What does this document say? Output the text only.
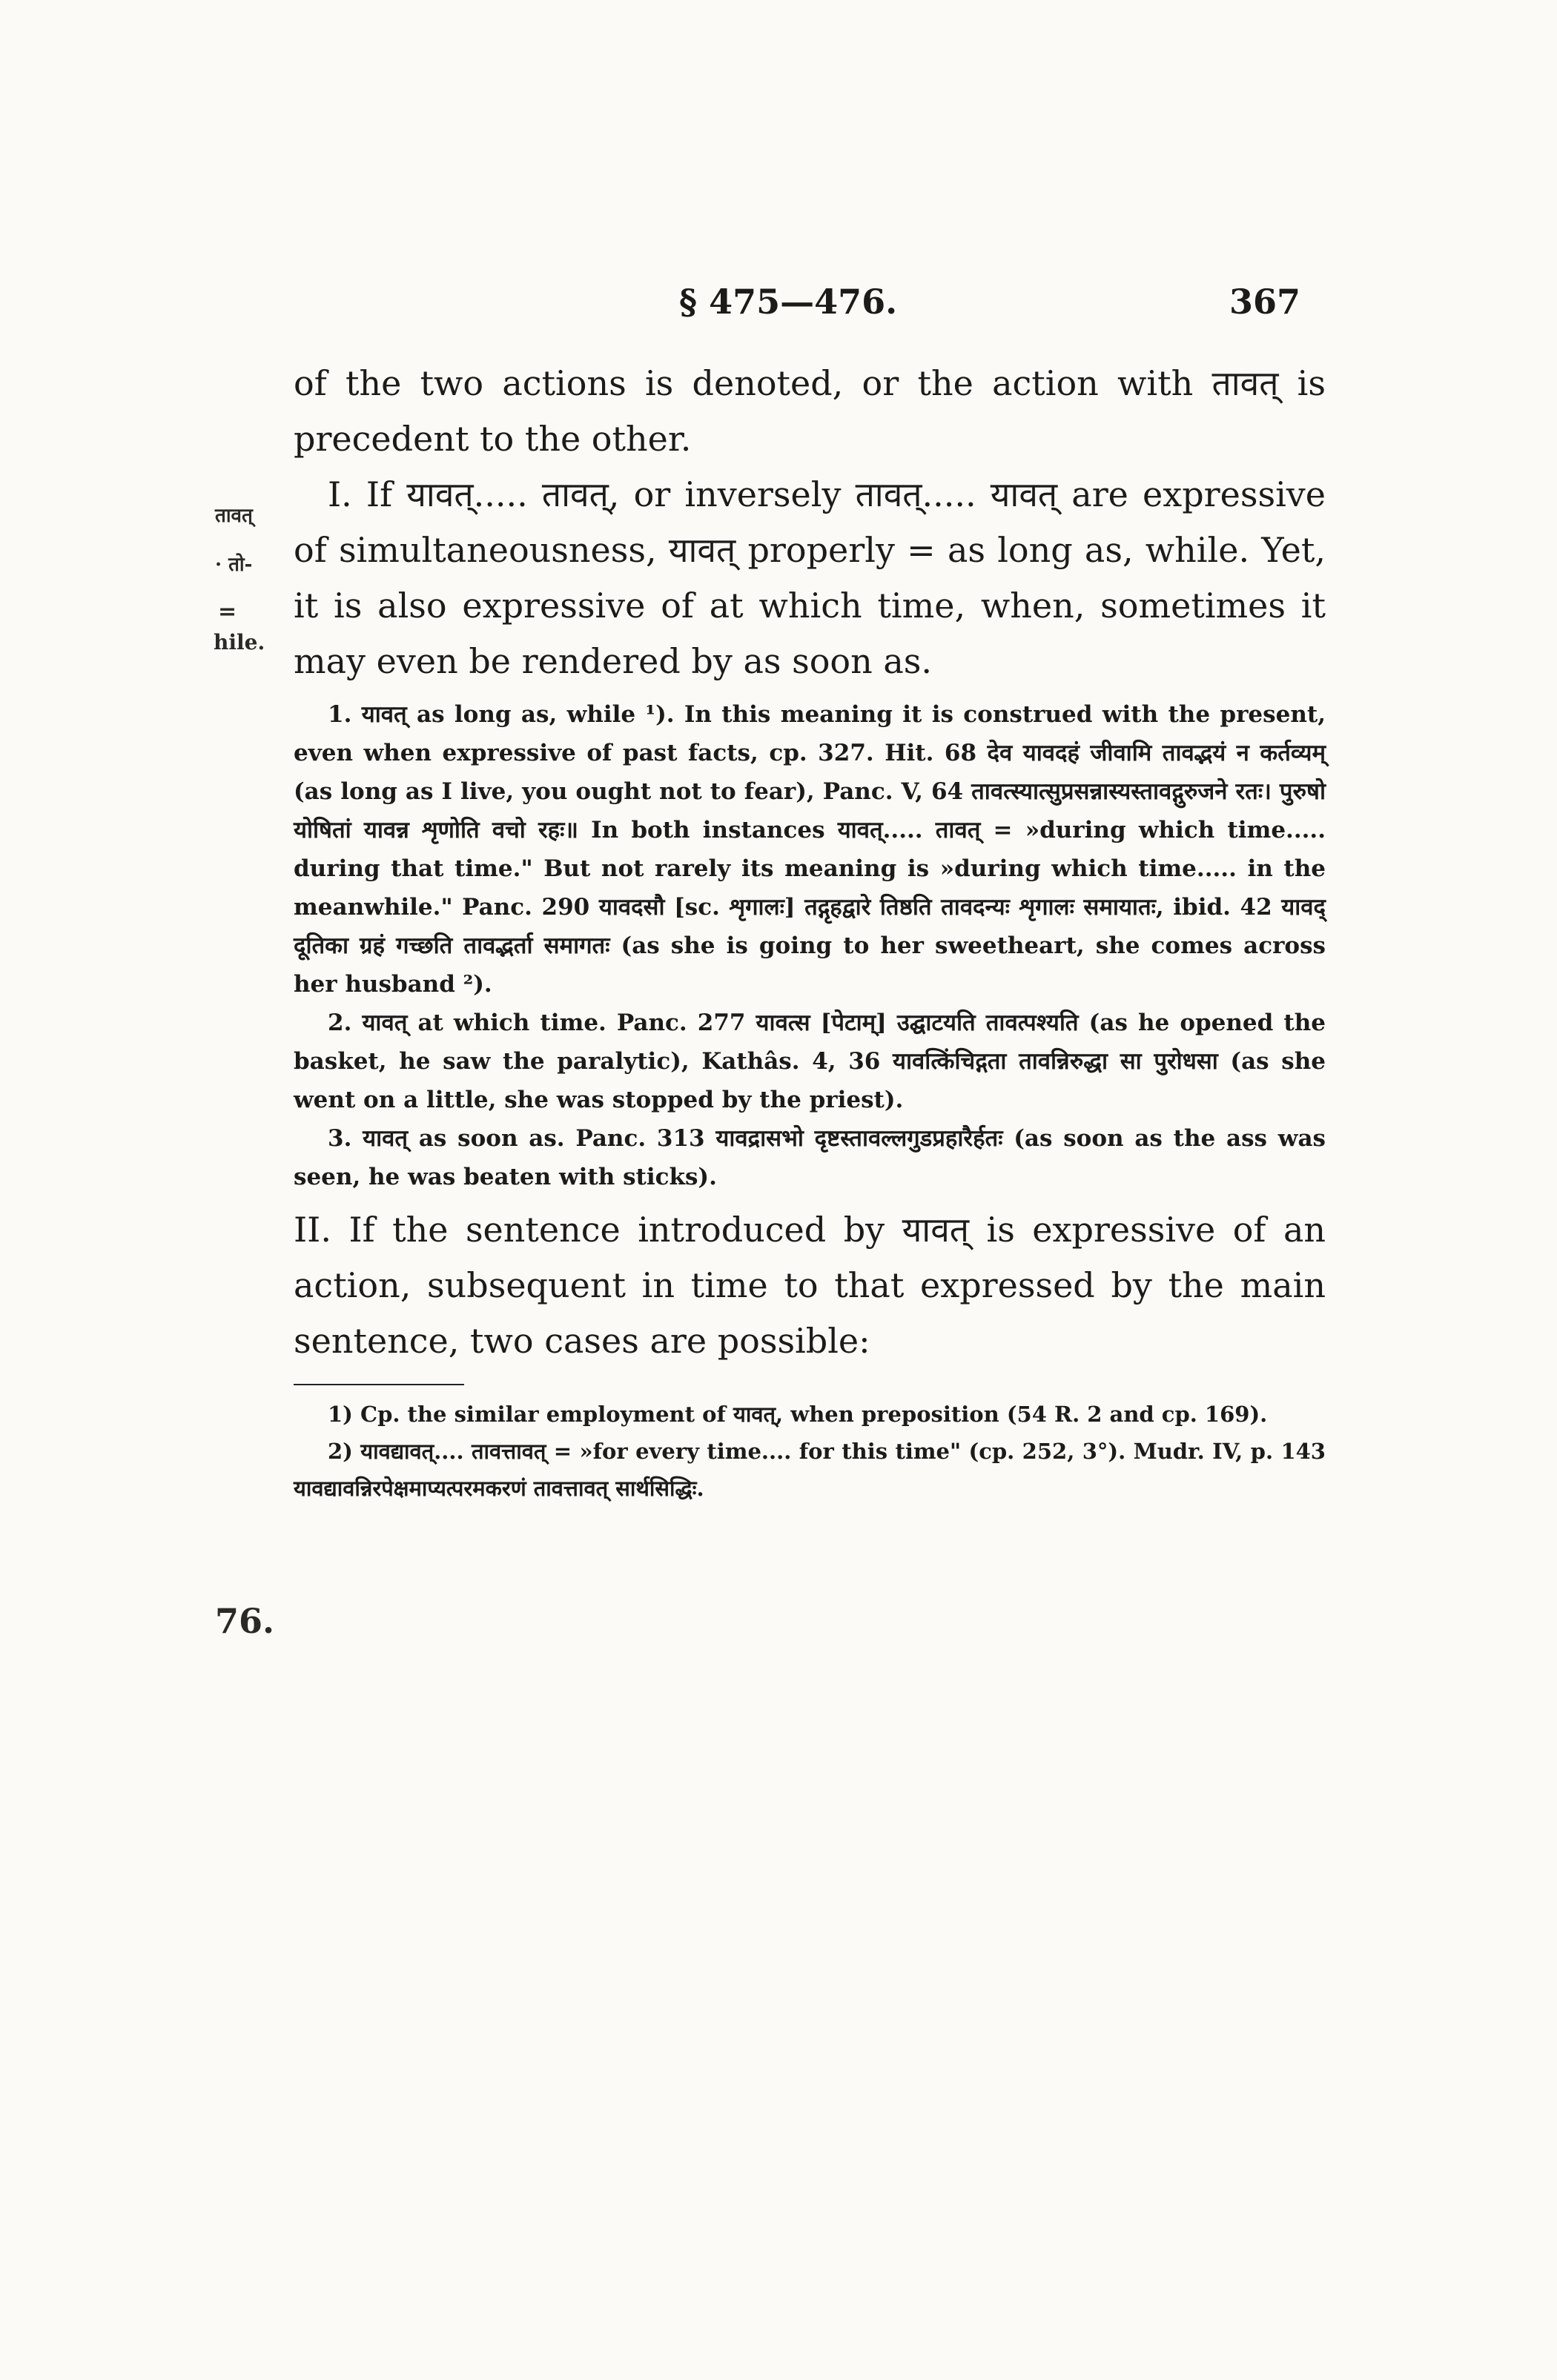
§ 475—476.	367
तावत्
· तो-
=
hile.
76.

of the two actions is denoted, or the action with तावत् is precedent to the other.

I. If यावत्..... तावत्, or inversely तावत्..... यावत् are expressive of simultaneousness, यावत् properly = as long as, while. Yet, it is also expressive of at which time, when, sometimes it may even be rendered by as soon as.

1. यावत् as long as, while ¹). In this meaning it is construed with the present, even when expressive of past facts, cp. 327. Hit. 68 देव यावदहं जीवामि तावद्भयं न कर्तव्यम् (as long as I live, you ought not to fear), Panc. V, 64 तावत्स्यात्सुप्रसन्नास्यस्तावद्गुरुजने रतः। पुरुषो योषितां यावन्न शृणोति वचो रहः॥ In both instances यावत्..... तावत् = »during which time..... during that time." But not rarely its meaning is »during which time..... in the meanwhile." Panc. 290 यावदसौ [sc. शृगालः] तद्गृहद्वारे तिष्ठति तावदन्यः शृगालः समायातः, ibid. 42 यावद् दूतिका ग्रहं गच्छति तावद्भर्ता समागतः (as she is going to her sweetheart, she comes across her husband ²).

2. यावत् at which time. Panc. 277 यावत्स [पेटाम्] उद्घाटयति तावत्पश्यति (as he opened the basket, he saw the paralytic), Kathâs. 4, 36 यावत्किंचिद्गता तावन्निरुद्धा सा पुरोधसा (as she went on a little, she was stopped by the priest).

3. यावत् as soon as. Panc. 313 यावद्रासभो दृष्टस्तावल्लगुडप्रहारैर्हतः (as soon as the ass was seen, he was beaten with sticks).

II. If the sentence introduced by यावत् is expressive of an action, subsequent in time to that expressed by the main sentence, two cases are possible:

1) Cp. the similar employment of यावत्, when preposition (54 R. 2 and cp. 169).

2) यावद्यावत्.... तावत्तावत् = »for every time.... for this time" (cp. 252, 3°). Mudr. IV, p. 143 यावद्यावन्निरपेक्षमाप्यत्परमकरणं तावत्तावत् सार्थसिद्धिः.
